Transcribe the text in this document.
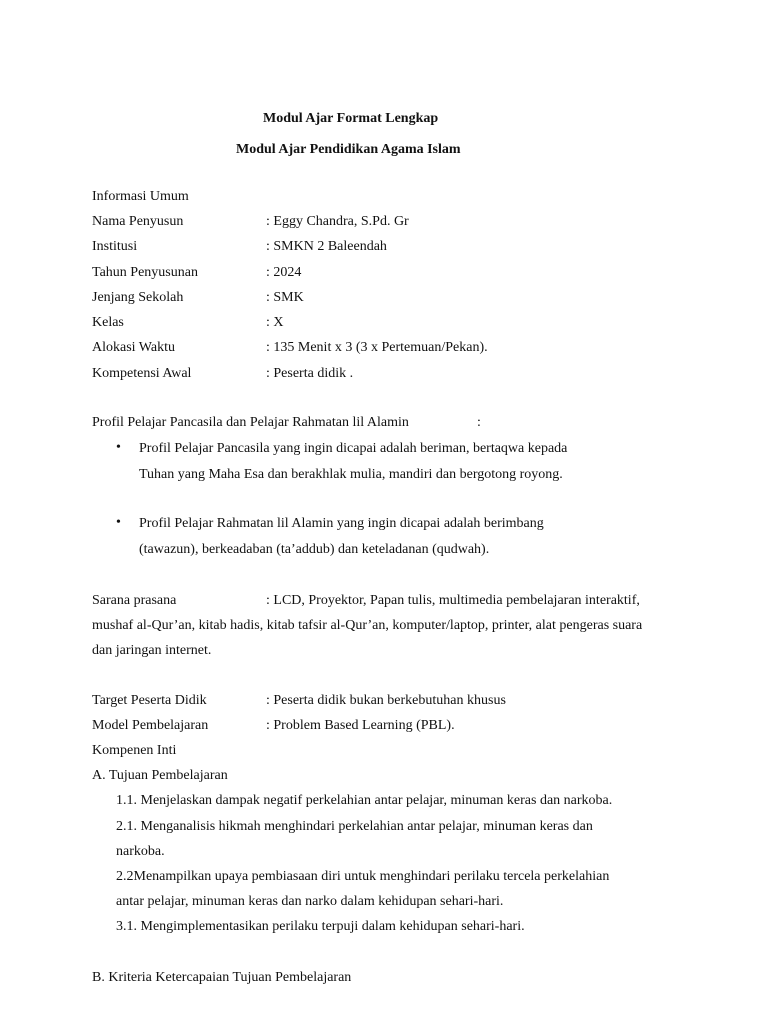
Modul Ajar Format Lengkap
Modul Ajar Pendidikan Agama Islam
Informasi Umum
Nama Penyusun	: Eggy Chandra, S.Pd. Gr
Institusi	: SMKN 2 Baleendah
Tahun Penyusunan	: 2024
Jenjang Sekolah	: SMK
Kelas	: X
Alokasi Waktu	: 135 Menit x 3 (3 x Pertemuan/Pekan).
Kompetensi Awal	: Peserta didik .
Profil Pelajar Pancasila dan Pelajar Rahmatan lil Alamin	:
• Profil Pelajar Pancasila yang ingin dicapai adalah beriman, bertaqwa kepada
Tuhan yang Maha Esa dan berakhlak mulia, mandiri dan bergotong royong.
• Profil Pelajar Rahmatan lil Alamin yang ingin dicapai adalah berimbang
(tawazun), berkeadaban (ta’addub) dan keteladanan (qudwah).
Sarana prasana	: LCD, Proyektor, Papan tulis, multimedia pembelajaran interaktif,
mushaf al-Qur’an, kitab hadis, kitab tafsir al-Qur’an, komputer/laptop, printer, alat pengeras suara
dan jaringan internet.
Target Peserta Didik	: Peserta didik bukan berkebutuhan khusus
Model Pembelajaran	: Problem Based Learning (PBL).
Kompenen Inti
A. Tujuan Pembelajaran
1.1. Menjelaskan dampak negatif perkelahian antar pelajar, minuman keras dan narkoba.
2.1. Menganalisis hikmah menghindari perkelahian antar pelajar, minuman keras dan
narkoba.
2.2Menampilkan upaya pembiasaan diri untuk menghindari perilaku tercela perkelahian
antar pelajar, minuman keras dan narko dalam kehidupan sehari-hari.
3.1. Mengimplementasikan perilaku terpuji dalam kehidupan sehari-hari.
B. Kriteria Ketercapaian Tujuan Pembelajaran
